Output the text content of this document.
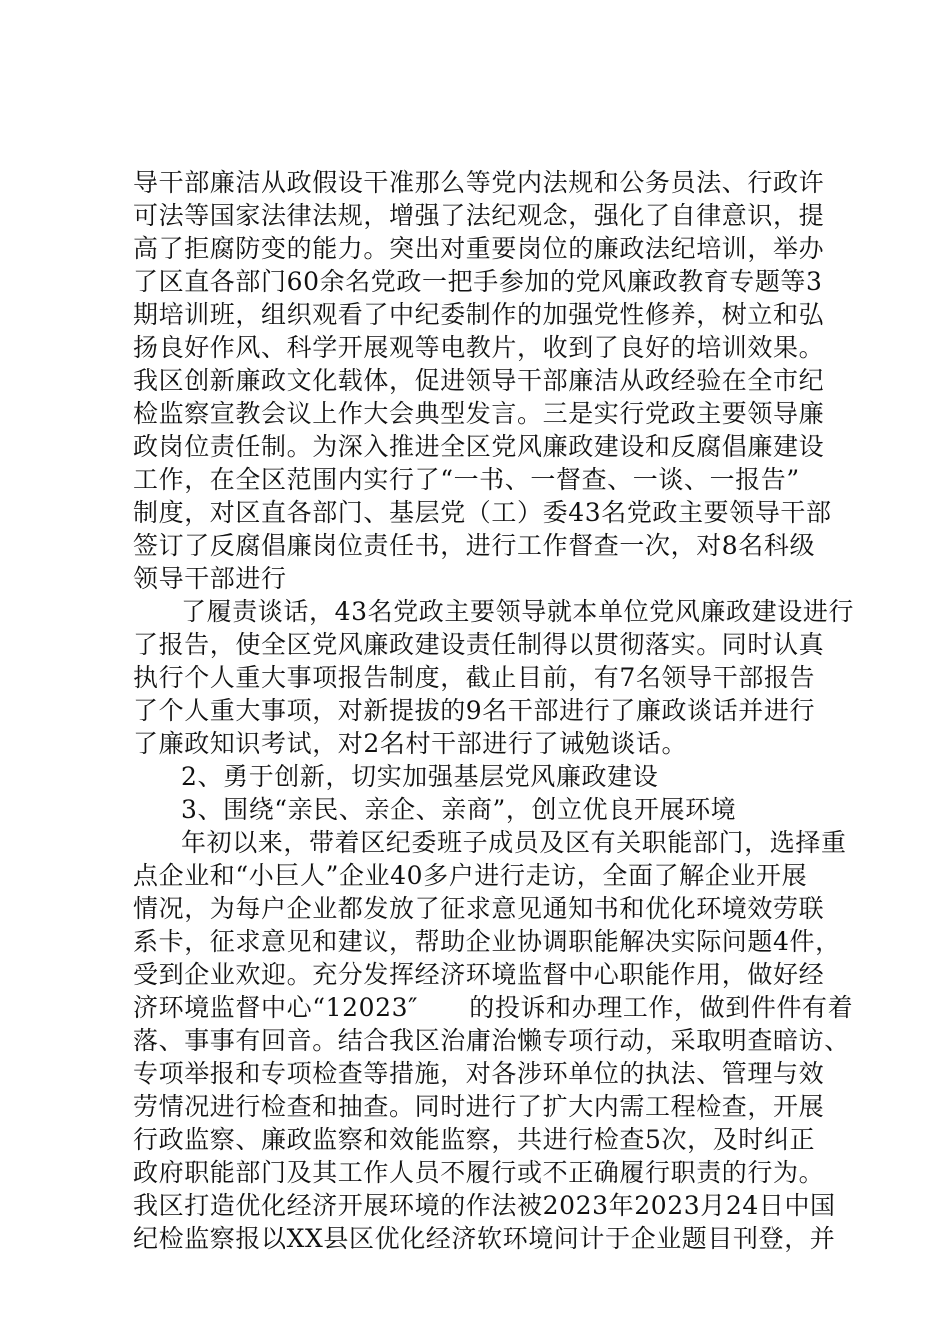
导干部廉洁从政假设干准那么等党内法规和公务员法、行政许
可法等国家法律法规，增强了法纪观念，强化了自律意识，提
高了拒腐防变的能力。突出对重要岗位的廉政法纪培训，举办
了区直各部门60余名党政一把手参加的党风廉政教育专题等3
期培训班，组织观看了中纪委制作的加强党性修养，树立和弘
扬良好作风、科学开展观等电教片，收到了良好的培训效果。
我区创新廉政文化载体，促进领导干部廉洁从政经验在全市纪
检监察宣教会议上作大会典型发言。三是实行党政主要领导廉
政岗位责任制。为深入推进全区党风廉政建设和反腐倡廉建设
工作，在全区范围内实行了“一书、一督查、一谈、一报告”
制度，对区直各部门、基层党（工）委43名党政主要领导干部
签订了反腐倡廉岗位责任书，进行工作督查一次，对8名科级
领导干部进行
了履责谈话，43名党政主要领导就本单位党风廉政建设进行
了报告，使全区党风廉政建设责任制得以贯彻落实。同时认真
执行个人重大事项报告制度，截止目前，有7名领导干部报告
了个人重大事项，对新提拔的9名干部进行了廉政谈话并进行
了廉政知识考试，对2名村干部进行了诫勉谈话。
2、勇于创新，切实加强基层党风廉政建设
3、围绕“亲民、亲企、亲商”，创立优良开展环境
年初以来，带着区纪委班子成员及区有关职能部门，选择重
点企业和“小巨人”企业40多户进行走访，全面了解企业开展
情况，为每户企业都发放了征求意见通知书和优化环境效劳联
系卡，征求意见和建议，帮助企业协调职能解决实际问题4件，
受到企业欢迎。充分发挥经济环境监督中心职能作用，做好经
济环境监督中心“12023″　　的投诉和办理工作，做到件件有着
落、事事有回音。结合我区治庸治懒专项行动，采取明查暗访、
专项举报和专项检查等措施，对各涉环单位的执法、管理与效
劳情况进行检查和抽查。同时进行了扩大内需工程检查，开展
行政监察、廉政监察和效能监察，共进行检查5次，及时纠正
政府职能部门及其工作人员不履行或不正确履行职责的行为。
我区打造优化经济开展环境的作法被2023年2023月24日中国
纪检监察报以XX县区优化经济软环境问计于企业题目刊登，并
